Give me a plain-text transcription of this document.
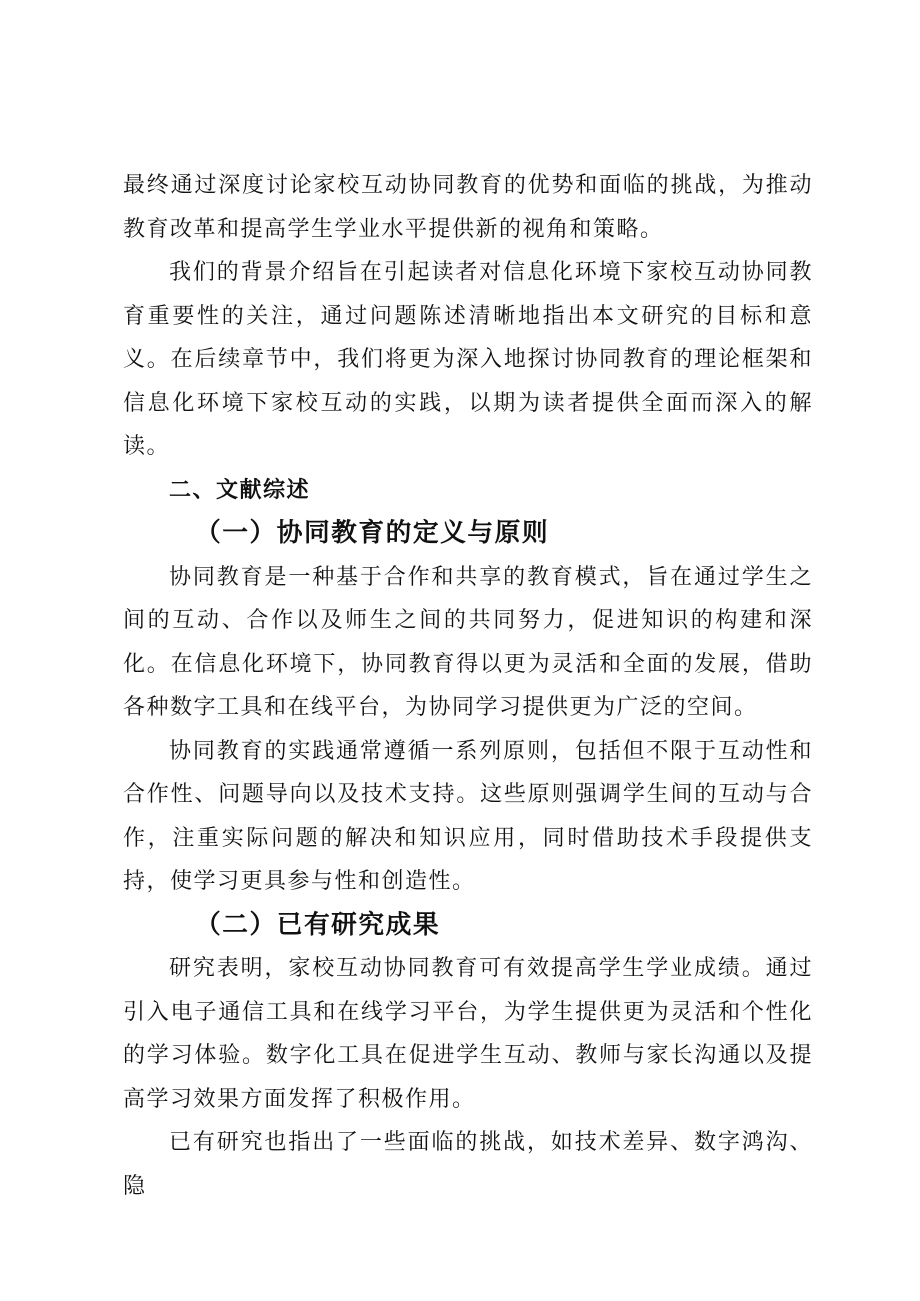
最终通过深度讨论家校互动协同教育的优势和面临的挑战，为推动教育改革和提高学生学业水平提供新的视角和策略。

我们的背景介绍旨在引起读者对信息化环境下家校互动协同教育重要性的关注，通过问题陈述清晰地指出本文研究的目标和意义。在后续章节中，我们将更为深入地探讨协同教育的理论框架和信息化环境下家校互动的实践，以期为读者提供全面而深入的解读。

二、文献综述
（一）协同教育的定义与原则

协同教育是一种基于合作和共享的教育模式，旨在通过学生之间的互动、合作以及师生之间的共同努力，促进知识的构建和深化。在信息化环境下，协同教育得以更为灵活和全面的发展，借助各种数字工具和在线平台，为协同学习提供更为广泛的空间。

协同教育的实践通常遵循一系列原则，包括但不限于互动性和合作性、问题导向以及技术支持。这些原则强调学生间的互动与合作，注重实际问题的解决和知识应用，同时借助技术手段提供支持，使学习更具参与性和创造性。

（二）已有研究成果

研究表明，家校互动协同教育可有效提高学生学业成绩。通过引入电子通信工具和在线学习平台，为学生提供更为灵活和个性化的学习体验。数字化工具在促进学生互动、教师与家长沟通以及提高学习效果方面发挥了积极作用。

已有研究也指出了一些面临的挑战，如技术差异、数字鸿沟、隐
